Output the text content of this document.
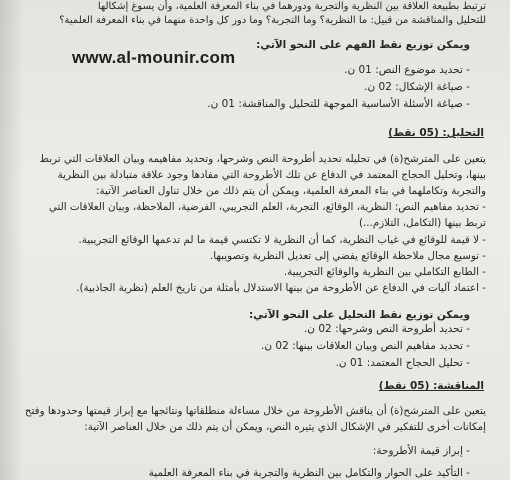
ترتبط بطبيعة العلاقة بين النظرية والتجربة ودورهما في بناء المعرفة العلمية، وأن يسوغ إشكالها
للتحليل والمناقشة من قبيل: ما النظرية؟ وما التجربة؟ وما دور كل واحدة منهما في بناء المعرفة العلمية؟
ويمكن توزيع نقط الفهم على النحو الآتي:
- تحديد موضوع النص: 01 ن.
- صياغة الإشكال: 02 ن.
- صياغة الأسئلة الأساسية الموجهة للتحليل والمناقشة: 01 ن.
www.al-mounir.com
التحليل: (05 نقط)
يتعين على المترشح(ة) في تحليله تحديد أطروحة النص وشرحها، وتحديد مفاهيمه وبيان العلاقات التي تربط
بينها، وتحليل الحجاج المعتمد في الدفاع عن تلك الأطروحة التي مفادها وجود علاقة متبادلة بين النظرية
والتجربة وتكاملهما في بناء المعرفة العلمية، ويمكن أن يتم ذلك من خلال تناول العناصر الآتية:
- تحديد مفاهيم النص: النظرية، الوقائع، التجربة، العلم التجريبي، الفرضية، الملاحظة، وبيان العلاقات التي
تربط بينها (التكامل، التلازم...)
- لا قيمة للوقائع في غياب النظرية، كما أن النظرية لا تكتسي قيمة ما لم تدعمها الوقائع التجريبية.
- توسيع مجال ملاحظة الوقائع يفضي إلى تعديل النظرية وتصويبها.
- الطابع التكاملي بين النظرية والوقائع التجريبية.
- اعتماد آليات في الدفاع عن الأطروحة من بينها الاستدلال بأمثلة من تاريخ العلم (نظرية الجاذبية).
ويمكن توزيع نقط التحليل على النحو الآتي:
- تحديد أطروحة النص وشرحها: 02 ن.
- تحديد مفاهيم النص وبيان العلاقات بينها: 02 ن.
- تحليل الحجاج المعتمد: 01 ن.
المناقشة: (05 نقط)
يتعين على المترشح(ة) أن يناقش الأطروحة من خلال مساءلة منطلقاتها ونتائجها مع إبراز قيمتها وحدودها وفتح
إمكانات أخرى للتفكير في الإشكال الذي يثيره النص، ويمكن أن يتم ذلك من خلال العناصر الآتية:
- إبراز قيمة الأطروحة:
- التأكيد على الحوار والتكامل بين النظرية والتجربة في بناء المعرفة العلمية
